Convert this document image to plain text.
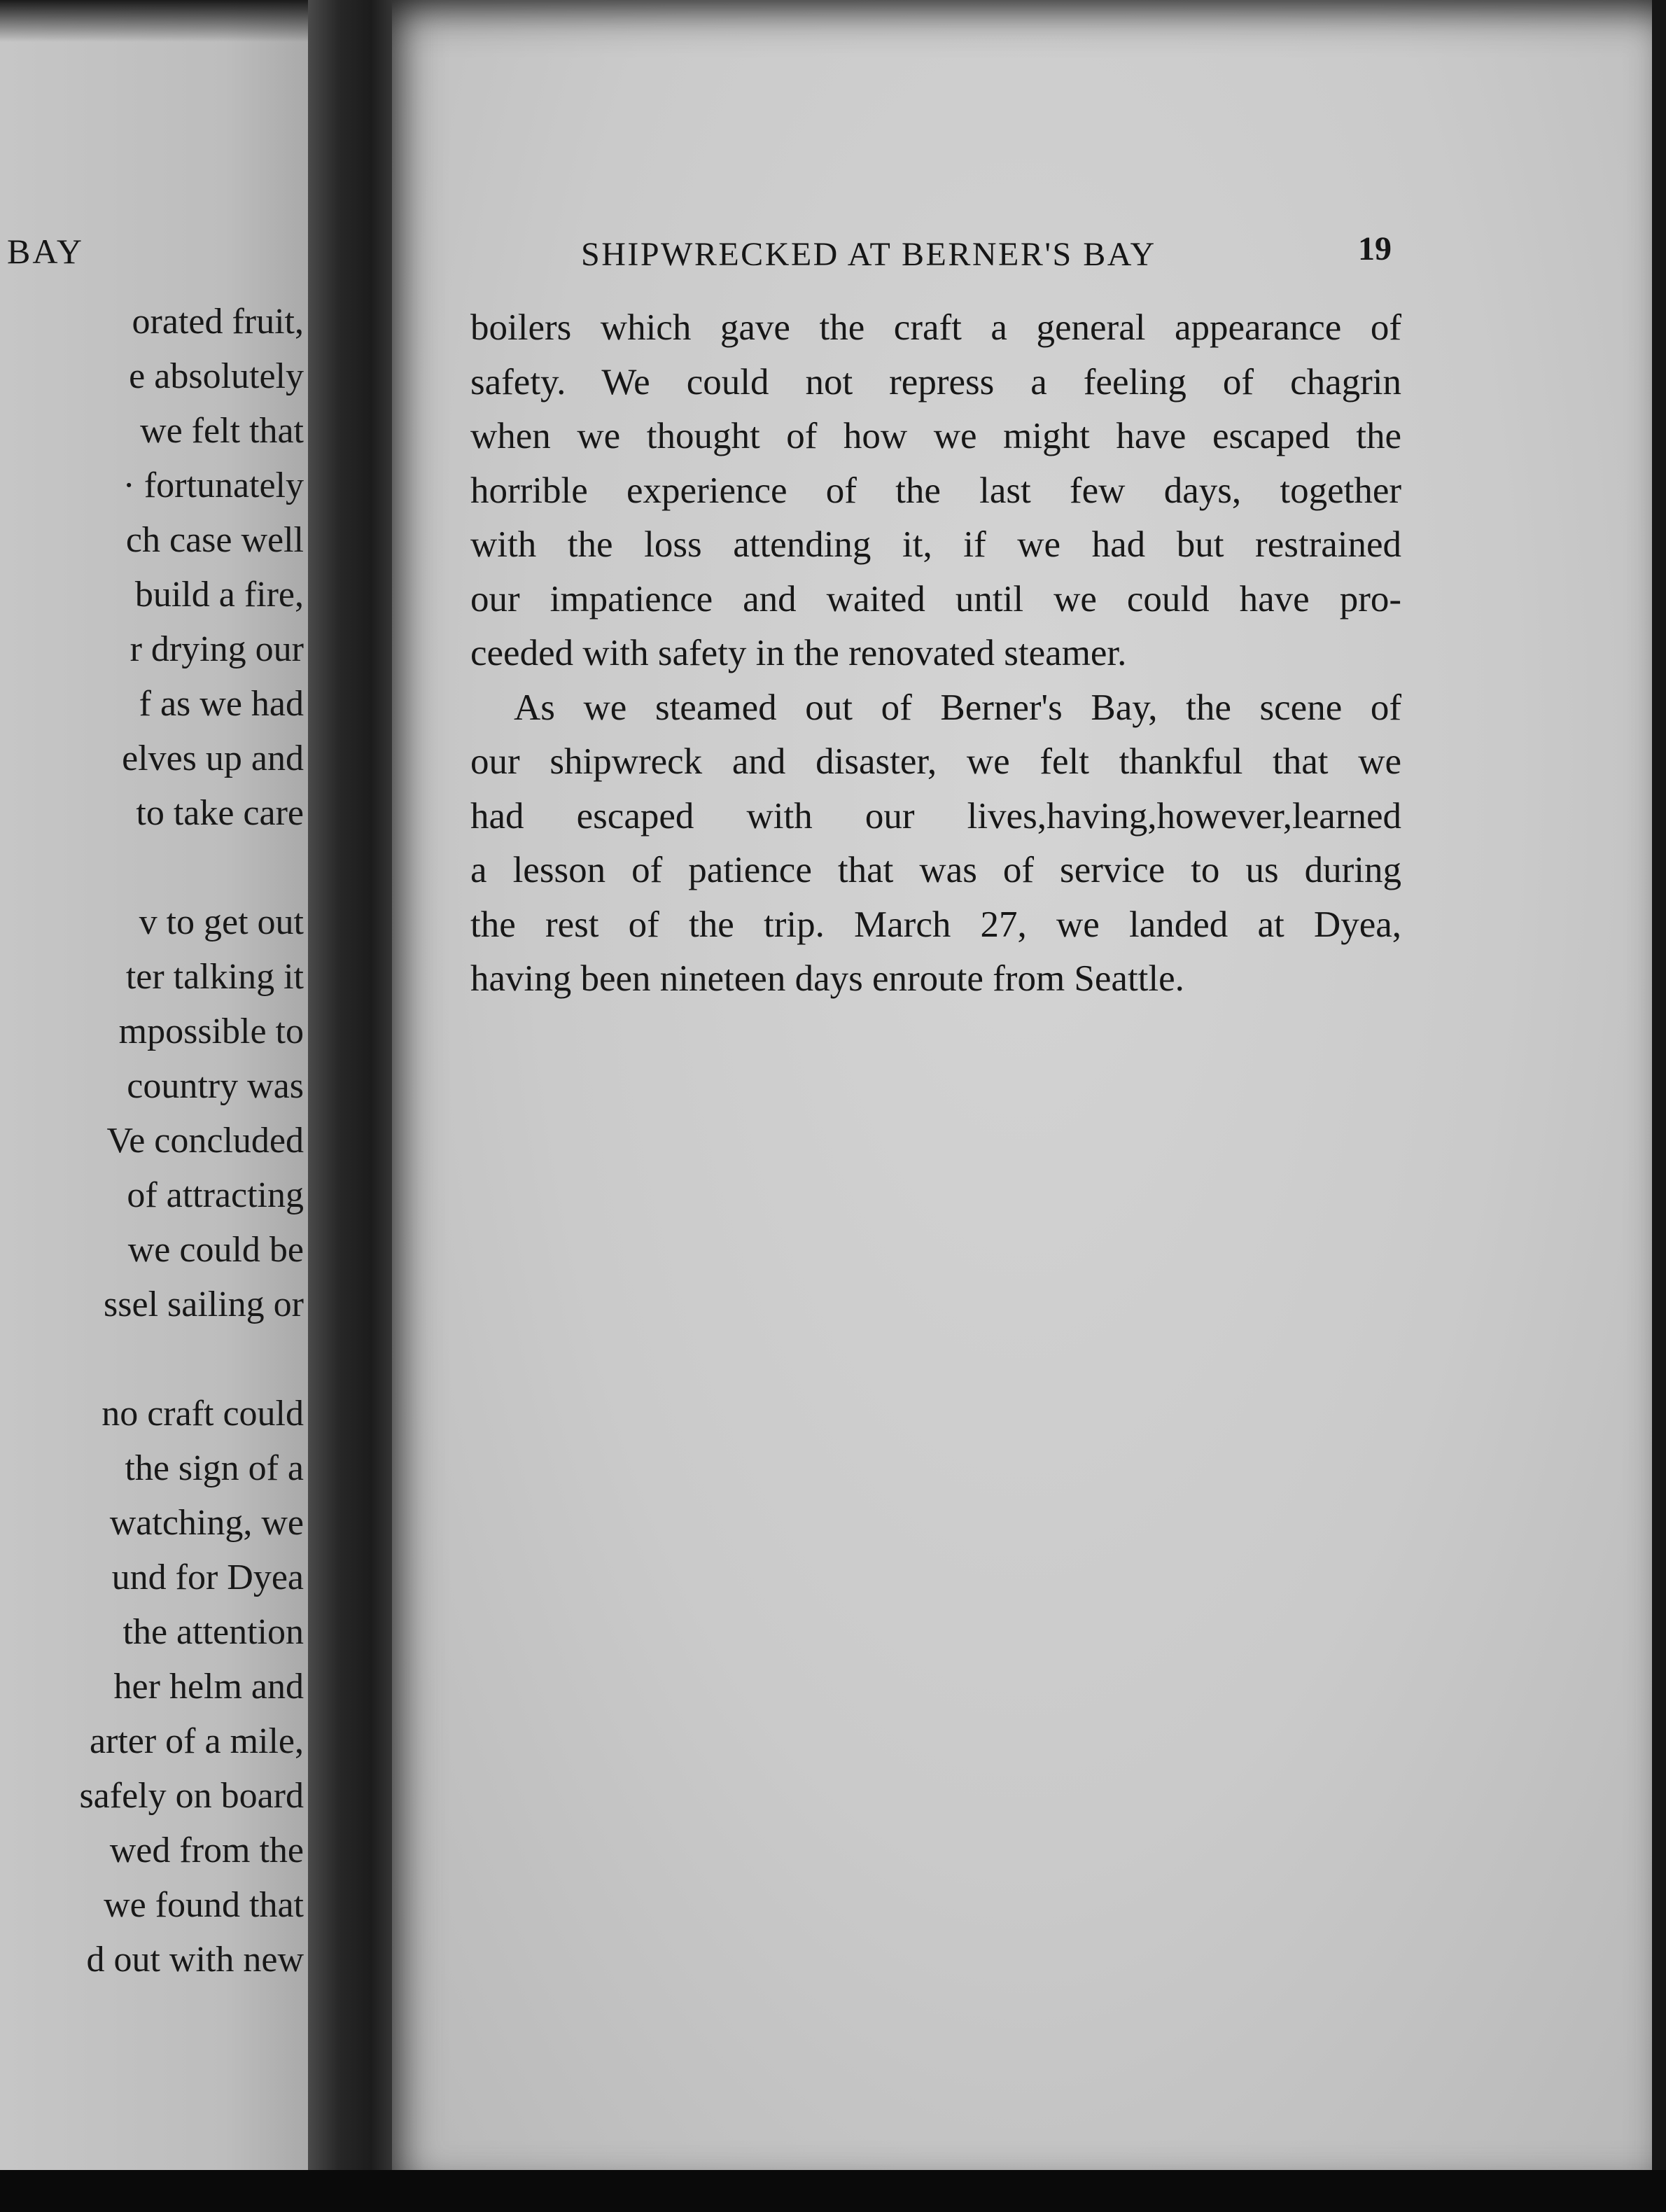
BAY
orated fruit,
e absolutely
we felt that
· fortunately
ch case well
build a fire,
r drying our
f as we had
elves up and
to take care
v to get out
ter talking it
mpossible to
country was
Ve concluded
of attracting
we could be
ssel sailing or
no craft could
the sign of a
watching, we
und for Dyea
the attention
her helm and
arter of a mile,
safely on board
wed from the
we found that
d out with new
SHIPWRECKED AT BERNER'S BAY	19
boilers which gave the craft a general appearance of
safety. We could not repress a feeling of chagrin
when we thought of how we might have escaped the
horrible experience of the last few days, together
with the loss attending it, if we had but restrained
our impatience and waited until we could have pro-
ceeded with safety in the renovated steamer.
As we steamed out of Berner's Bay, the scene of
our shipwreck and disaster, we felt thankful that we
had escaped with our lives,having,however,learned
a lesson of patience that was of service to us during
the rest of the trip. March 27, we landed at Dyea,
having been nineteen days enroute from Seattle.
